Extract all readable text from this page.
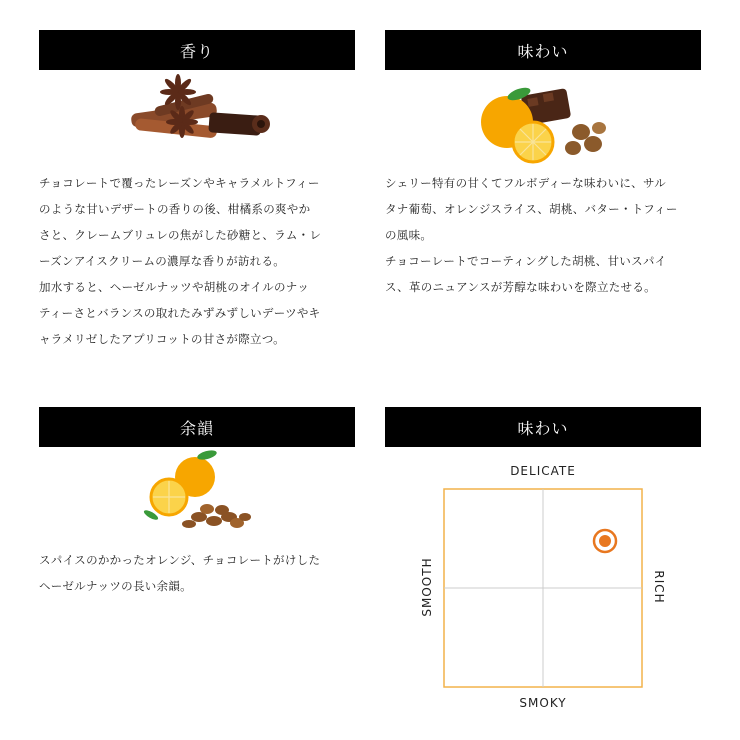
香り

チョコレートで覆ったレーズンやキャラメルトフィー
のような甘いデザートの香りの後、柑橘系の爽やか
さと、クレームブリュレの焦がした砂糖と、ラム・レ
ーズンアイスクリームの濃厚な香りが訪れる。

加水すると、ヘーゼルナッツや胡桃のオイルのナッ
ティーさとバランスの取れたみずみずしいデーツやキ
ャラメリゼしたアプリコットの甘さが際立つ。

味わい

シェリー特有の甘くてフルボディーな味わいに、サル
タナ葡萄、オレンジスライス、胡桃、バター・トフィー
の風味。

チョコーレートでコーティングした胡桃、甘いスパイ
ス、革のニュアンスが芳醇な味わいを際立たせる。

余韻

スパイスのかかったオレンジ、チョコレートがけした
ヘーゼルナッツの長い余韻。

味わい
DELICATE
SMOKY
SMOOTH	RICH
